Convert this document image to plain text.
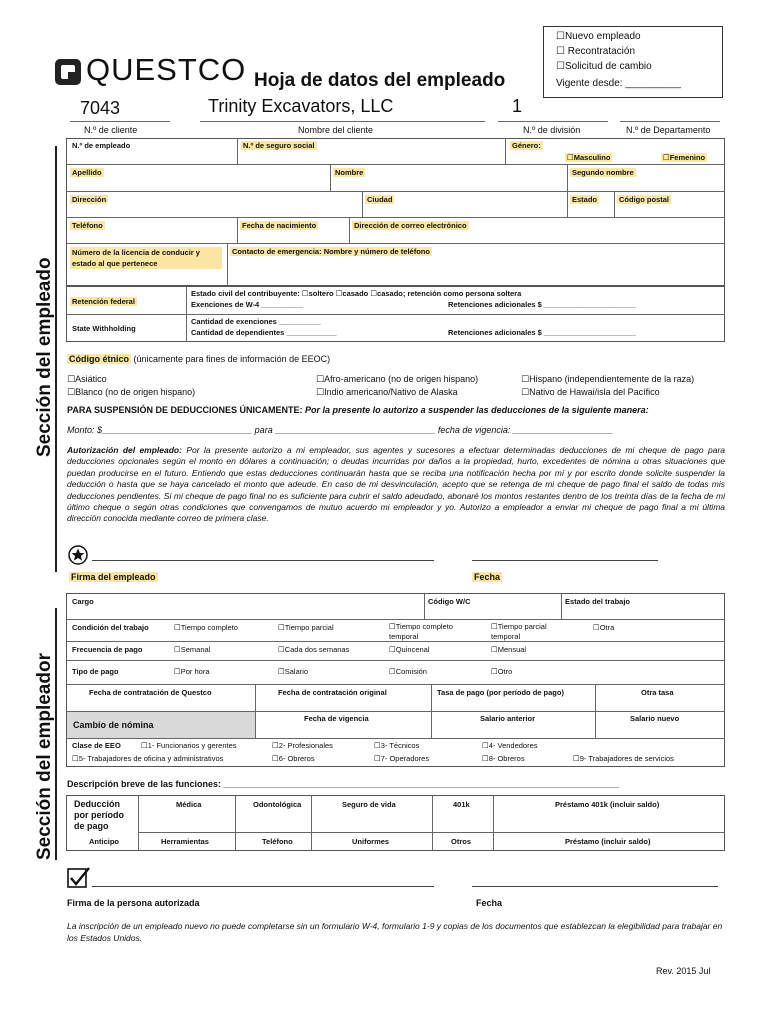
QUESTCO Hoja de datos del empleado
☐Nuevo empleado
☐ Recontratación
☐Solicitud de cambio
Vigente desde: __________
7043	Trinity Excavators, LLC	1
N.º de cliente	Nombre del cliente	N.º de división	N.º de Departamento
Sección del empleado
N.º de empleado	N.º de seguro social	Género:
☐Masculino	☐Femenino
Apellido	Nombre	Segundo nombre
Dirección	Ciudad	Estado	Código postal
Teléfono	Fecha de nacimiento	Dirección de correo electrónico
Número de la licencia de conducir y estado al que pertenece
Contacto de emergencia: Nombre y número de teléfono
Retención federal
Estado civil del contribuyente: ☐soltero ☐casado ☐casado; retención como persona soltera
Exenciones de W-4 __________	Retenciones adicionales $ ______________________
State Withholding
Cantidad de exenciones __________
Cantidad de dependientes ____________	Retenciones adicionales $ ______________________
Código étnico (únicamente para fines de información de EEOC)
☐Asiático
☐Blanco (no de origen hispano)
☐Afro-americano (no de origen hispano)
☐Indio americano/Nativo de Alaska
☐Hispano (independientemente de la raza)
☐Nativo de Hawai/isla del Pacífico
PARA SUSPENSIÓN DE DEDUCCIONES ÚNICAMENTE: Por la presente lo autorizo a suspender las deducciones de la siguiente manera:
Monto: $______________________________ para ________________________________ fecha de vigencia: ____________________
Autorización del empleado: Por la presente autorizo a mi empleador, sus agentes y sucesores a efectuar determinadas deducciones de mi cheque de pago para deducciones opcionales según el monto en dólares a continuación; o deudas incurridas por daños a la propiedad, hurto, excedentes de nómina u otras situaciones que puedan producirse en el futuro. Entiendo que estas deducciones continuarán hasta que se reciba una notificación hecha por mí y por escrito donde solicite suspender la deducción o hasta que se haya cancelado el monto que adeude. En caso de mi desvinculación, acepto que se retenga de mi cheque de pago final el saldo de todas mis deducciones pendientes. Si mi cheque de pago final no es suficiente para cubrir el saldo adeudado, abonaré los montos restantes dentro de los treinta días de la fecha de mi último cheque o según otras condiciones que convengamos de mutuo acuerdo mi empleador y yo. Autorizo a empleador a enviar mi cheque de pago final a mi última dirección conocida mediante correo de primera clase.
Firma del empleado	Fecha
Sección del empleador
Cargo	Código W/C	Estado del trabajo
Condición del trabajo	☐Tiempo completo	☐Tiempo parcial	☐Tiempo completo temporal
☐Tiempo parcial temporal
☐Otra
Frecuencia de pago	☐Semanal	☐Cada dos semanas	☐Quincenal	☐Mensual
Tipo de pago	☐Por hora	☐Salario	☐Comisión	☐Otro
Fecha de contratación de Questco	Fecha de contratación original	Tasa de pago (por período de pago)	Otra tasa
Cambio de nómina
Fecha de vigencia	Salario anterior	Salario nuevo
Clase de EEO	☐1- Funcionarios y gerentes	☐2- Profesionales	☐3- Técnicos	☐4- Vendedores
☐5- Trabajadores de oficina y administrativos	☐6- Obreros	☐7- Operadores	☐8- Obreros	☐9- Trabajadores de servicios
Descripción breve de las funciones: _______________________________________________________________________________
Deducción por período de pago
Médica	Odontológica	Seguro de vida	401k	Préstamo 401k (incluir saldo)
Anticipo	Herramientas	Teléfono	Uniformes	Otros	Préstamo (incluir saldo)
Firma de la persona autorizada	Fecha
La inscripción de un empleado nuevo no puede completarse sin un formulario W-4, formulario 1-9 y copias de los documentos que establezcan la elegibilidad para trabajar en los Estados Unidos.
Rev. 2015 Jul
